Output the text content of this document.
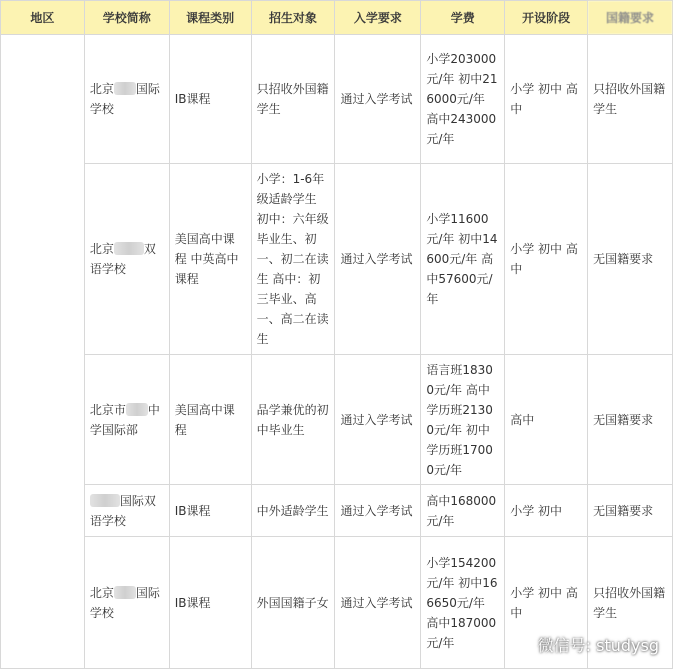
地区	学校简称	课程类别	招生对象	入学要求	学费	开设阶段	国籍要求

	北京 国际学校	IB课程	只招收外国籍学生	通过入学考试	小学203000元/年 初中216000元/年 高中243000元/年	小学 初中 高中	只招收外国籍学生

	北京 双语学校	美国高中课程 中英高中课程	小学：1-6年级适龄学生 初中：六年级毕业生、初一、初二在读生 高中：初三毕业、高一、高二在读生	通过入学考试	小学11600元/年 初中14600元/年 高中57600元/年	小学 初中 高中	无国籍要求

	北京市 中学国际部	美国高中课程	品学兼优的初中毕业生	通过入学考试	语言班18300元/年 高中学历班21300元/年 初中学历班17000元/年	高中	无国籍要求

	国际双语学校	IB课程	中外适龄学生	通过入学考试	高中168000元/年	小学 初中	无国籍要求

	北京 国际学校	IB课程	外国国籍子女	通过入学考试	小学154200元/年 初中166650元/年 高中187000元/年	小学 初中 高中	只招收外国籍学生
微信号: studysg
